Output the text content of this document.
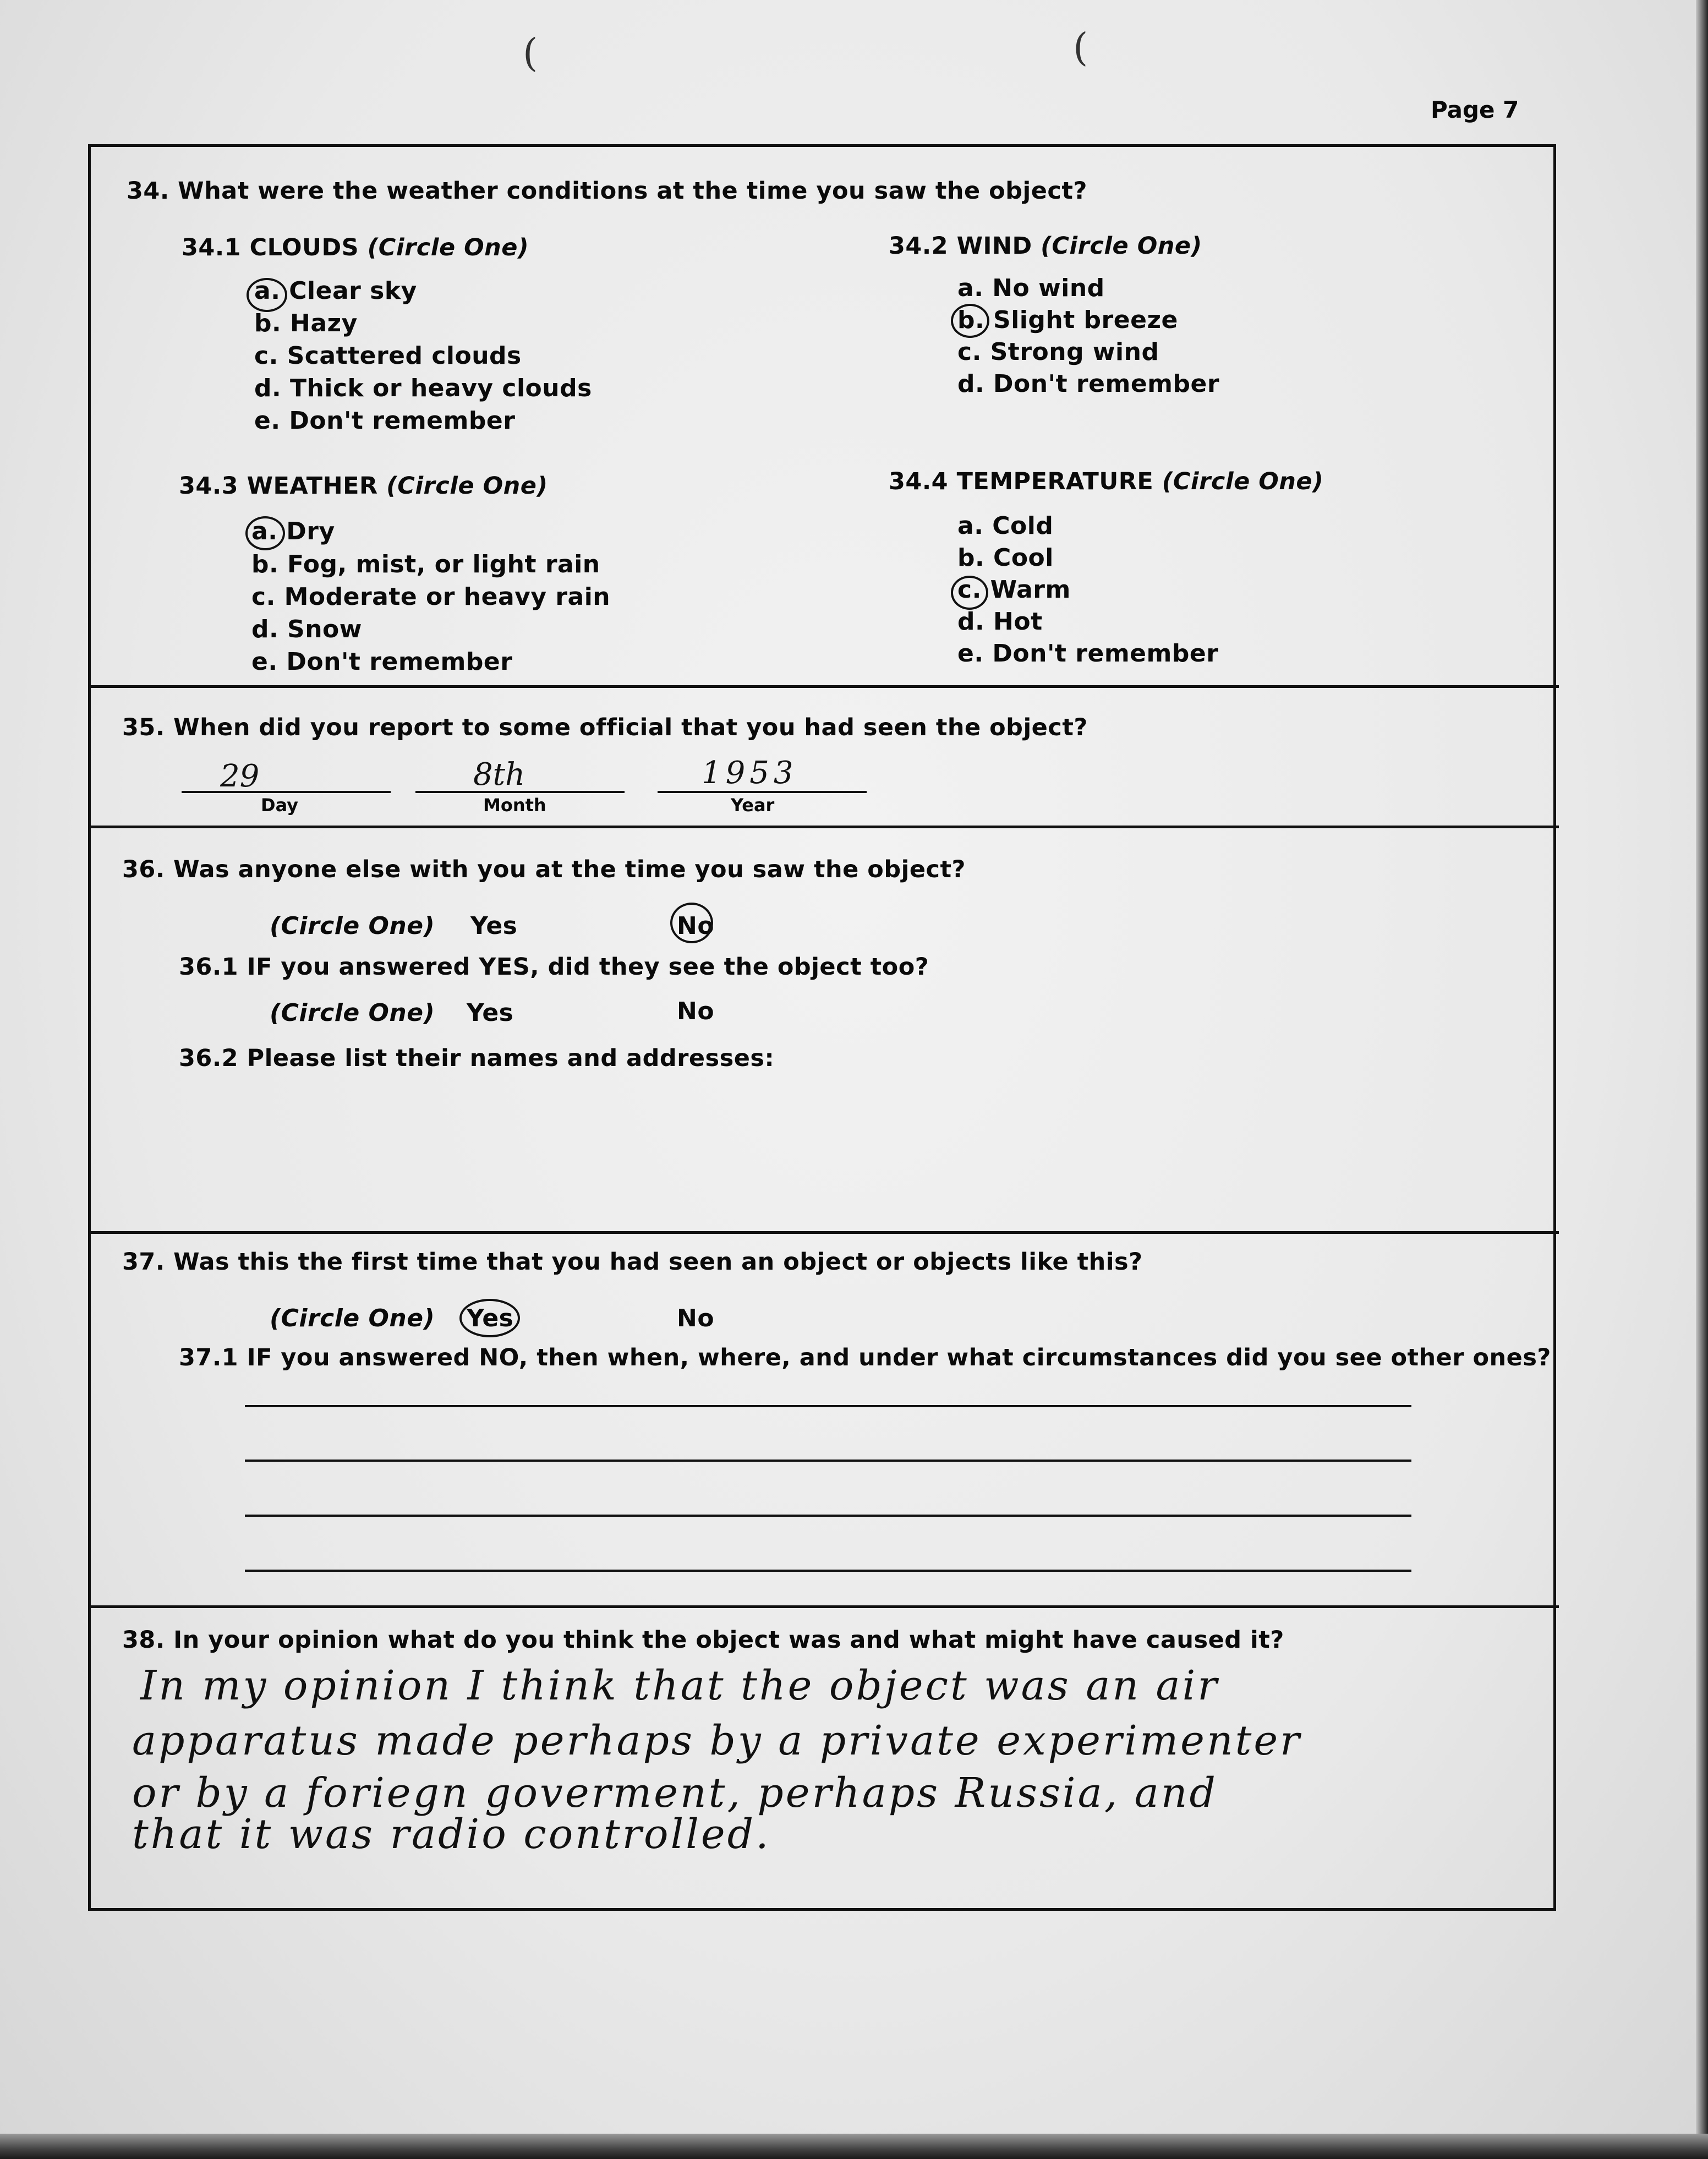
(	(
Page 7
34. What were the weather conditions at the time you saw the object?
34.1 CLOUDS (Circle One)
a. Clear sky
b. Hazy
c. Scattered clouds
d. Thick or heavy clouds
e. Don't remember
34.2 WIND (Circle One)
a. No wind
b. Slight breeze
c. Strong wind
d. Don't remember
34.3 WEATHER (Circle One)
a. Dry
b. Fog, mist, or light rain
c. Moderate or heavy rain
d. Snow
e. Don't remember
34.4 TEMPERATURE (Circle One)
a. Cold
b. Cool
c. Warm
d. Hot
e. Don't remember
35. When did you report to some official that you had seen the object?
29
Day
8th
Month
1953
Year
36. Was anyone else with you at the time you saw the object?
(Circle One) Yes	No
36.1 IF you answered YES, did they see the object too?
(Circle One) Yes	No
36.2 Please list their names and addresses:
37. Was this the first time that you had seen an object or objects like this?
(Circle One) Yes	No
37.1 IF you answered NO, then when, where, and under what circumstances did you see other ones?
38. In your opinion what do you think the object was and what might have caused it?
In my opinion I think that the object was an air
apparatus made perhaps by a private experimenter
or by a foriegn goverment, perhaps Russia, and
that it was radio controlled.
